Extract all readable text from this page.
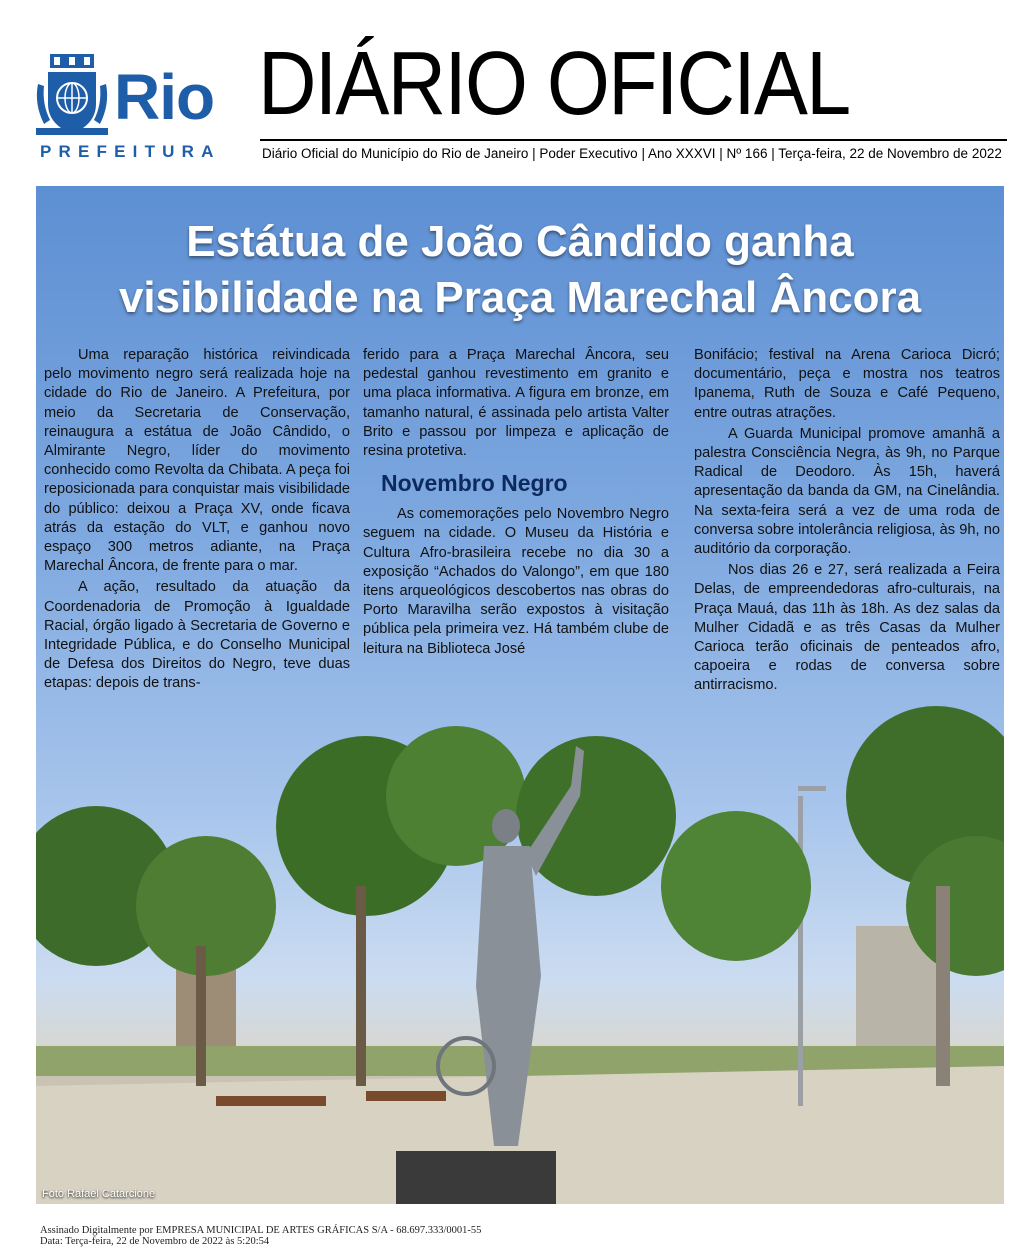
Rio
PREFEITURA
DIÁRIO OFICIAL
Diário Oficial do Município do Rio de Janeiro | Poder Executivo | Ano XXXVI | Nº 166 | Terça-feira, 22 de Novembro de 2022
Estátua de João Cândido ganha
visibilidade na Praça Marechal Âncora

Uma reparação histórica reivindicada pelo movimento negro será realizada hoje na cidade do Rio de Janeiro. A Prefeitura, por meio da Secretaria de Conservação, reinaugura a estátua de João Cândido, o Almirante Negro, líder do movimento conhecido como Revolta da Chibata. A peça foi reposicionada para conquistar mais visibilidade do público: deixou a Praça XV, onde ficava atrás da estação do VLT, e ganhou novo espaço 300 metros adiante, na Praça Marechal Âncora, de frente para o mar.

A ação, resultado da atuação da Coordenadoria de Promoção à Igualdade Racial, órgão ligado à Secretaria de Governo e Integridade Pública, e do Conselho Municipal de Defesa dos Direitos do Negro, teve duas etapas: depois de trans-

ferido para a Praça Marechal Âncora, seu pedestal ganhou revestimento em granito e uma placa informativa. A figura em bronze, em tamanho natural, é assinada pelo artista Valter Brito e passou por limpeza e aplicação de resina protetiva.

Novembro Negro

As comemorações pelo Novembro Negro seguem na cidade. O Museu da História e Cultura Afro-brasileira recebe no dia 30 a exposição “Achados do Valongo”, em que 180 itens arqueológicos descobertos nas obras do Porto Maravilha serão expostos à visitação pública pela primeira vez. Há também clube de leitura na Biblioteca José

Bonifácio; festival na Arena Carioca Dicró; documentário, peça e mostra nos teatros Ipanema, Ruth de Souza e Café Pequeno, entre outras atrações.

A Guarda Municipal promove amanhã a palestra Consciência Negra, às 9h, no Parque Radical de Deodoro. Às 15h, haverá apresentação da banda da GM, na Cinelândia. Na sexta-feira será a vez de uma roda de conversa sobre intolerância religiosa, às 9h, no auditório da corporação.

Nos dias 26 e 27, será realizada a Feira Delas, de empreendedoras afro-culturais, na Praça Mauá, das 11h às 18h. As dez salas da Mulher Cidadã e as três Casas da Mulher Carioca terão oficinais de penteados afro, capoeira e rodas de conversa sobre antirracismo.

Foto Rafael Catarcione
Assinado Digitalmente por EMPRESA MUNICIPAL DE ARTES GRÁFICAS S/A - 68.697.333/0001-55
Data: Terça-feira, 22 de Novembro de 2022 às 5:20:54
